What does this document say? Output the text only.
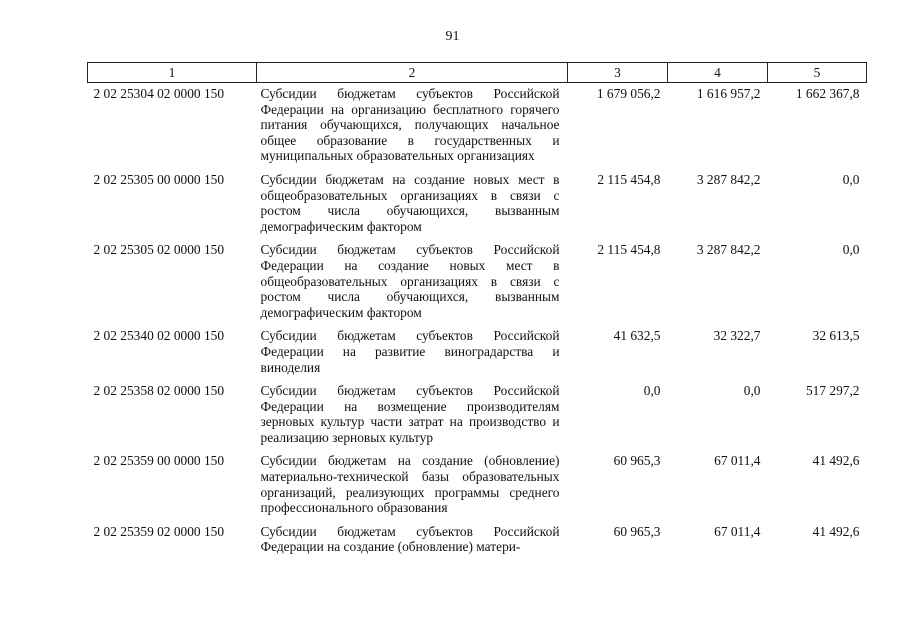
91
1	2	3	4	5
2 02 25304 02 0000 150	Субсидии бюджетам субъектов Российской Федерации на организацию бесплатного горячего питания обучающихся, получающих начальное общее образование в государственных и муниципальных образовательных организациях	1 679 056,2	1 616 957,2	1 662 367,8
2 02 25305 00 0000 150	Субсидии бюджетам на создание новых мест в общеобразовательных организациях в связи с ростом числа обучающихся, вызванным демографическим фактором	2 115 454,8	3 287 842,2	0,0
2 02 25305 02 0000 150	Субсидии бюджетам субъектов Российской Федерации на создание новых мест в общеобразовательных организациях в связи с ростом числа обучающихся, вызванным демографическим фактором	2 115 454,8	3 287 842,2	0,0
2 02 25340 02 0000 150	Субсидии бюджетам субъектов Российской Федерации на развитие виноградарства и виноделия	41 632,5	32 322,7	32 613,5
2 02 25358 02 0000 150	Субсидии бюджетам субъектов Российской Федерации на возмещение производителям зерновых культур части затрат на производство и реализацию зерновых культур	0,0	0,0	517 297,2
2 02 25359 00 0000 150	Субсидии бюджетам на создание (обновление) материально-технической базы образовательных организаций, реализующих программы среднего профессионального образования	60 965,3	67 011,4	41 492,6
2 02 25359 02 0000 150	Субсидии бюджетам субъектов Российской Федерации на создание (обновление) матери-	60 965,3	67 011,4	41 492,6
